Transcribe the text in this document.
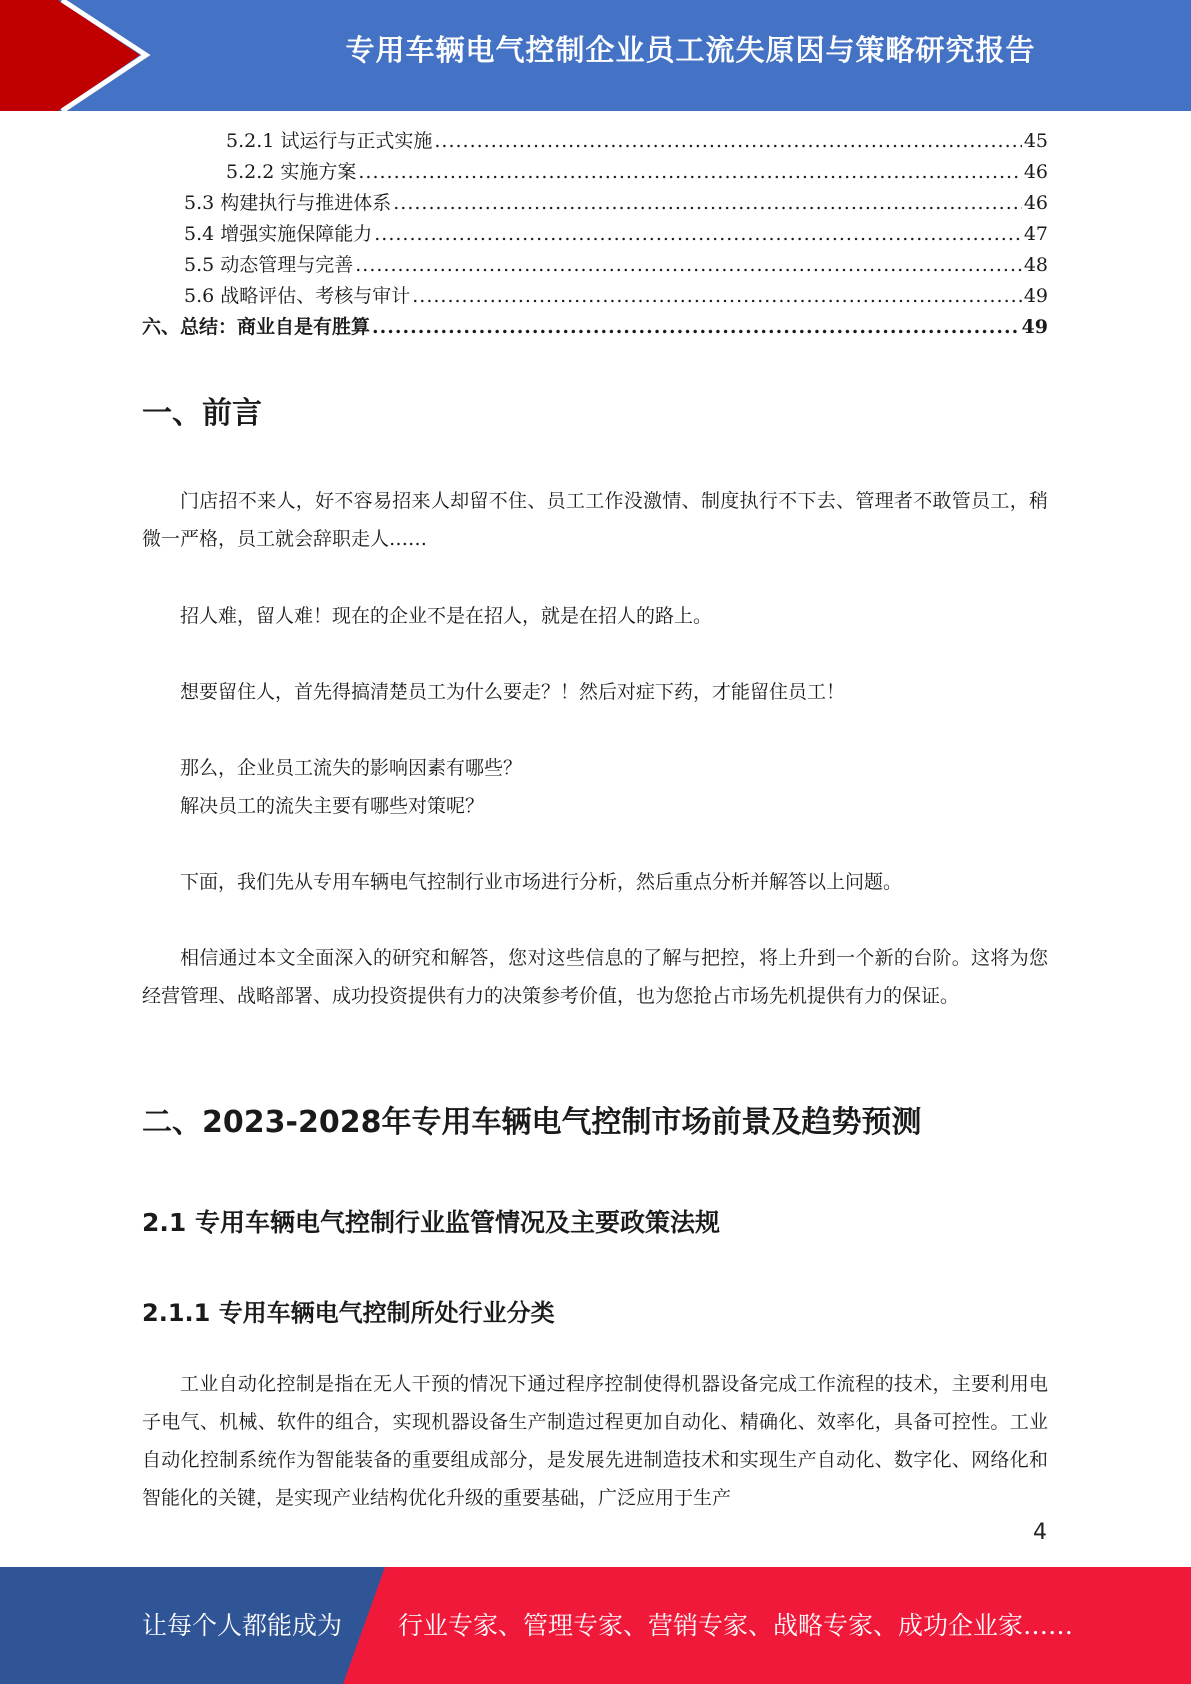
专用车辆电气控制企业员工流失原因与策略研究报告
5.2.1 试运行与正式实施 .....	45
5.2.2 实施方案 .....	46
5.3 构建执行与推进体系 .....	46
5.4 增强实施保障能力 .....	47
5.5 动态管理与完善 .....	48
5.6 战略评估、考核与审计 .....	49
六、总结：商业自是有胜算 .....	49
一、前言

门店招不来人，好不容易招来人却留不住、员工工作没激情、制度执行不下去、管理者不敢管员工，稍微一严格，员工就会辞职走人……

招人难，留人难！现在的企业不是在招人，就是在招人的路上。

想要留住人，首先得搞清楚员工为什么要走？！然后对症下药，才能留住员工！

那么，企业员工流失的影响因素有哪些？

解决员工的流失主要有哪些对策呢？

下面，我们先从专用车辆电气控制行业市场进行分析，然后重点分析并解答以上问题。

相信通过本文全面深入的研究和解答，您对这些信息的了解与把控，将上升到一个新的台阶。这将为您经营管理、战略部署、成功投资提供有力的决策参考价值，也为您抢占市场先机提供有力的保证。

二、2023-2028年专用车辆电气控制市场前景及趋势预测
2.1 专用车辆电气控制行业监管情况及主要政策法规
2.1.1 专用车辆电气控制所处行业分类

工业自动化控制是指在无人干预的情况下通过程序控制使得机器设备完成工作流程的技术，主要利用电子电气、机械、软件的组合，实现机器设备生产制造过程更加自动化、精确化、效率化，具备可控性。工业自动化控制系统作为智能装备的重要组成部分，是发展先进制造技术和实现生产自动化、数字化、网络化和智能化的关键，是实现产业结构优化升级的重要基础，广泛应用于生产

4
让每个人都能成为 行业专家、管理专家、营销专家、战略专家、成功企业家……
